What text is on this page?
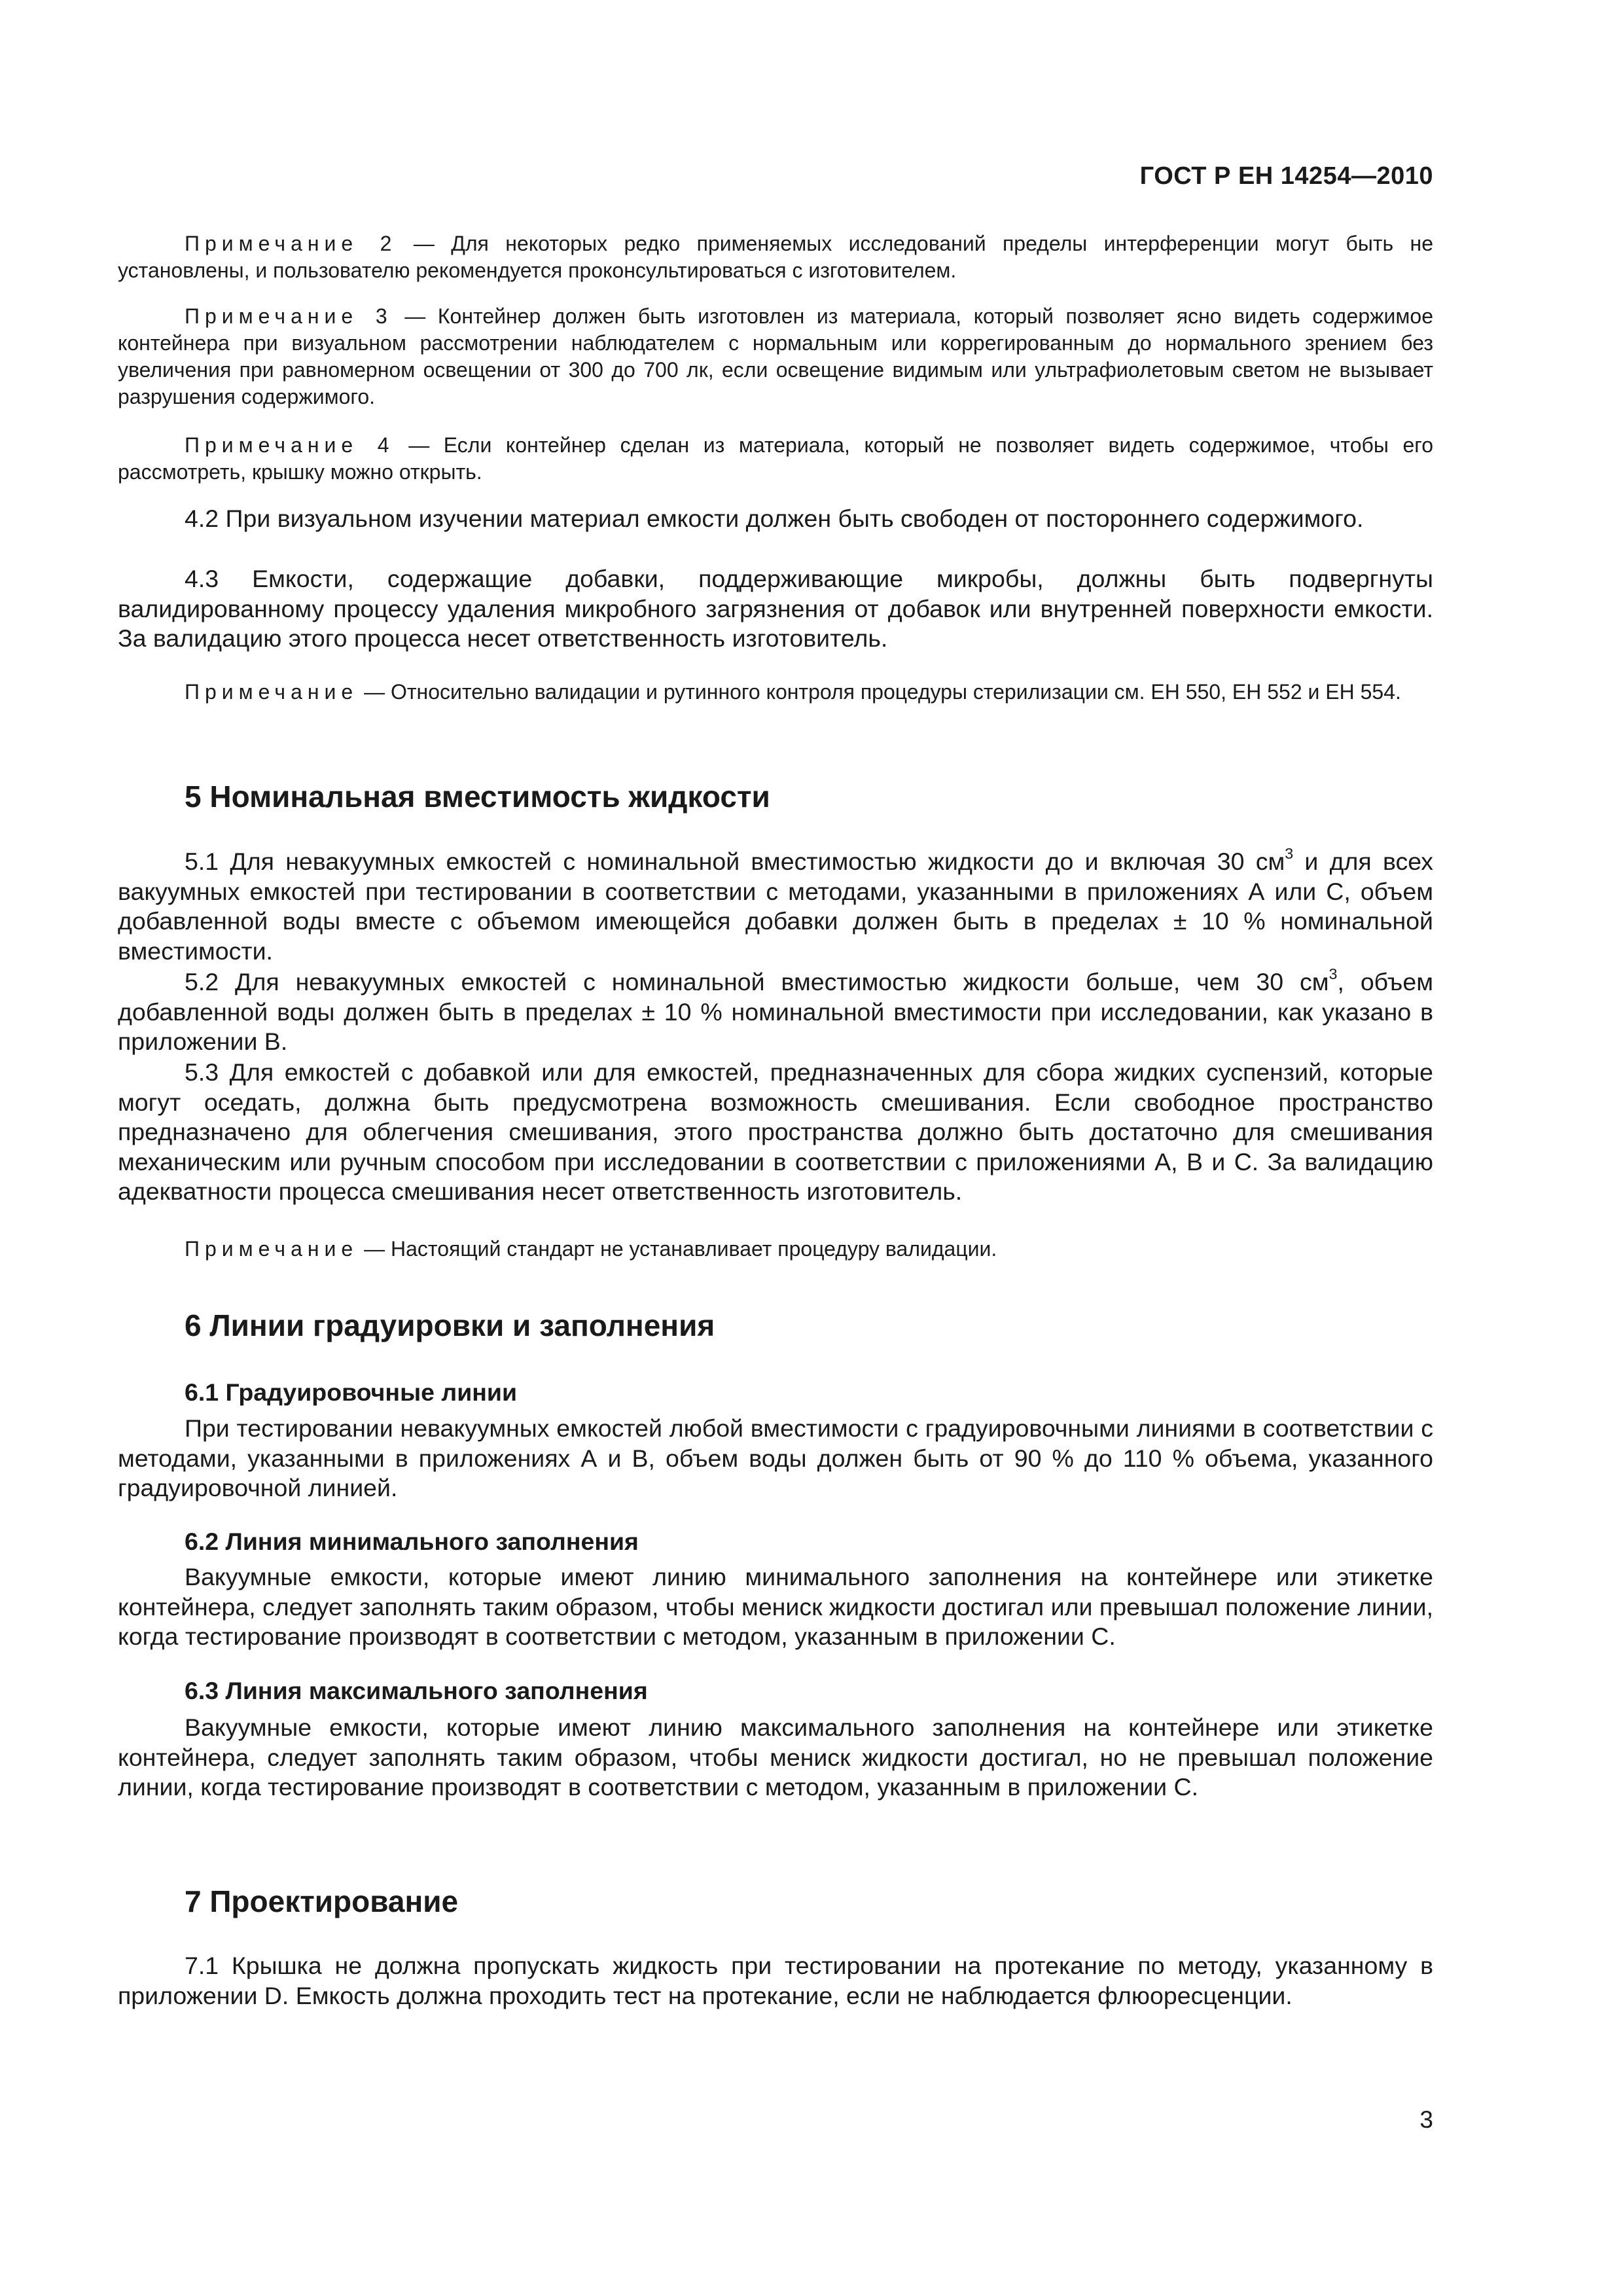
ГОСТ Р ЕН 14254—2010
Примечание 2 — Для некоторых редко применяемых исследований пределы интерференции могут быть не установлены, и пользователю рекомендуется проконсультироваться с изготовителем.
Примечание 3 — Контейнер должен быть изготовлен из материала, который позволяет ясно видеть содержимое контейнера при визуальном рассмотрении наблюдателем с нормальным или коррегированным до нормального зрением без увеличения при равномерном освещении от 300 до 700 лк, если освещение видимым или ультрафиолетовым светом не вызывает разрушения содержимого.
Примечание 4 — Если контейнер сделан из материала, который не позволяет видеть содержимое, чтобы его рассмотреть, крышку можно открыть.
4.2 При визуальном изучении материал емкости должен быть свободен от постороннего содержимого.
4.3 Емкости, содержащие добавки, поддерживающие микробы, должны быть подвергнуты валидированному процессу удаления микробного загрязнения от добавок или внутренней поверхности емкости. За валидацию этого процесса несет ответственность изготовитель.
Примечание — Относительно валидации и рутинного контроля процедуры стерилизации см. ЕН 550, ЕН 552 и ЕН 554.
5 Номинальная вместимость жидкости
5.1 Для невакуумных емкостей с номинальной вместимостью жидкости до и включая 30 $см^3$ и для всех вакуумных емкостей при тестировании в соответствии с методами, указанными в приложениях А или С, объем добавленной воды вместе с объемом имеющейся добавки должен быть в пределах ± 10 % номинальной вместимости.
5.2 Для невакуумных емкостей с номинальной вместимостью жидкости больше, чем 30 $см^3$, объем добавленной воды должен быть в пределах ± 10 % номинальной вместимости при исследовании, как указано в приложении В.
5.3 Для емкостей с добавкой или для емкостей, предназначенных для сбора жидких суспензий, которые могут оседать, должна быть предусмотрена возможность смешивания. Если свободное пространство предназначено для облегчения смешивания, этого пространства должно быть достаточно для смешивания механическим или ручным способом при исследовании в соответствии с приложениями А, В и С. За валидацию адекватности процесса смешивания несет ответственность изготовитель.
Примечание — Настоящий стандарт не устанавливает процедуру валидации.
6 Линии градуировки и заполнения
6.1 Градуировочные линии
При тестировании невакуумных емкостей любой вместимости с градуировочными линиями в соответствии с методами, указанными в приложениях А и В, объем воды должен быть от 90 % до 110 % объема, указанного градуировочной линией.
6.2 Линия минимального заполнения
Вакуумные емкости, которые имеют линию минимального заполнения на контейнере или этикетке контейнера, следует заполнять таким образом, чтобы мениск жидкости достигал или превышал положение линии, когда тестирование производят в соответствии с методом, указанным в приложении С.
6.3 Линия максимального заполнения
Вакуумные емкости, которые имеют линию максимального заполнения на контейнере или этикетке контейнера, следует заполнять таким образом, чтобы мениск жидкости достигал, но не превышал положение линии, когда тестирование производят в соответствии с методом, указанным в приложении С.
7 Проектирование
7.1 Крышка не должна пропускать жидкость при тестировании на протекание по методу, указанному в приложении D. Емкость должна проходить тест на протекание, если не наблюдается флюоресценции.
3
